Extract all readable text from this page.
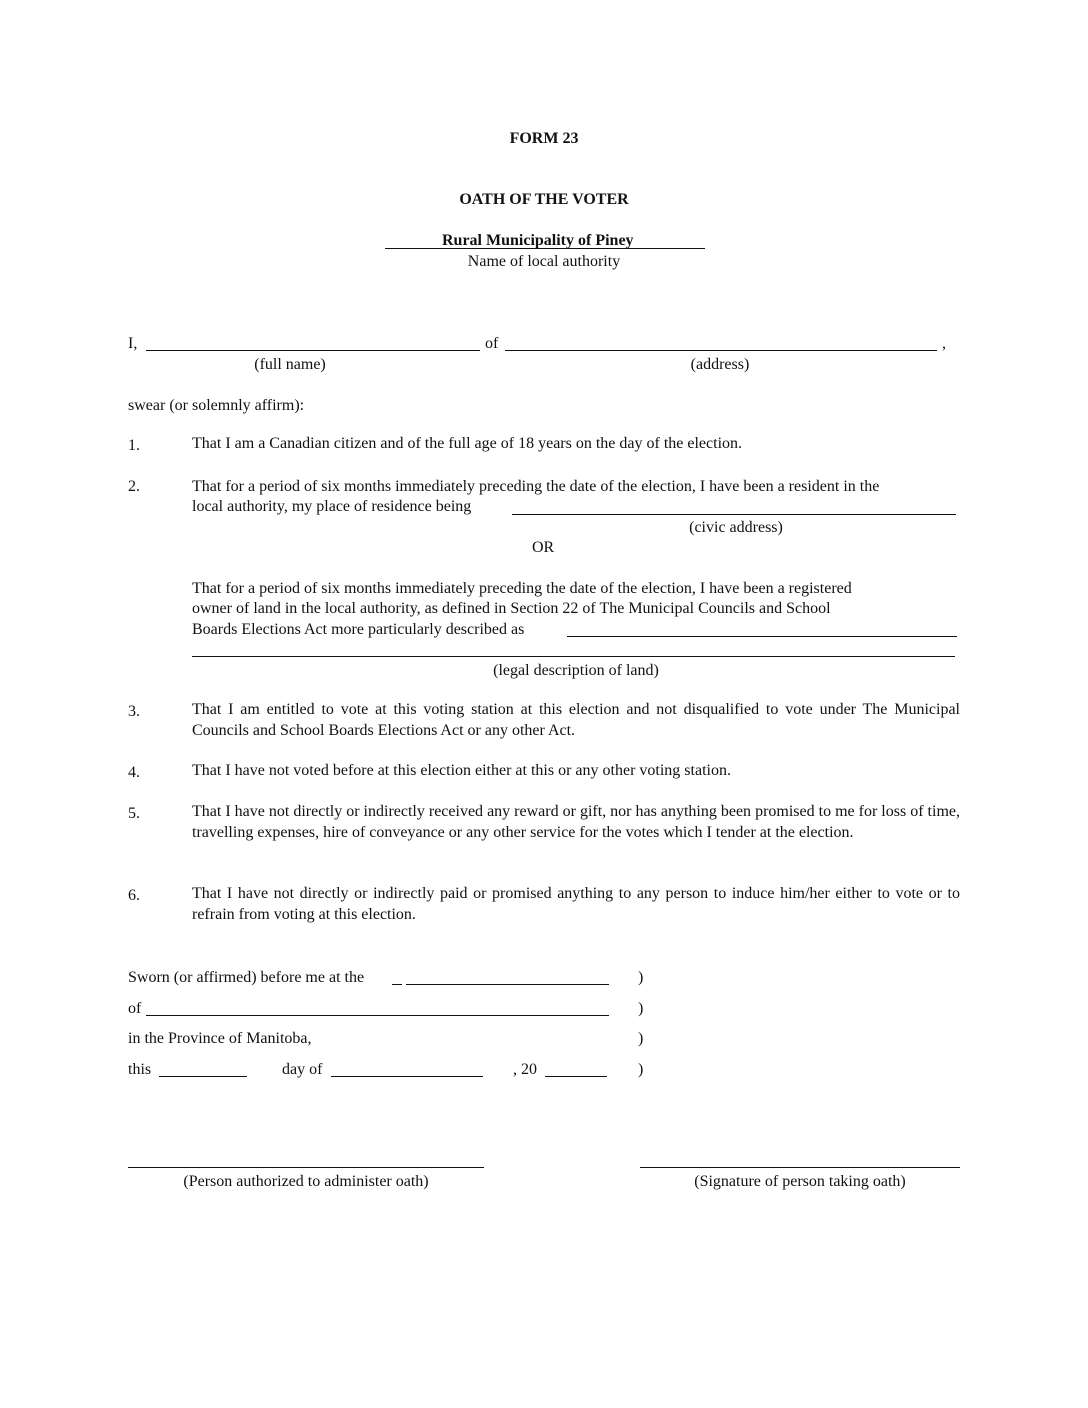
FORM 23
OATH OF THE VOTER
Rural Municipality of Piney
Name of local authority
I,	of	,
(full name)	(address)
swear (or solemnly affirm):
1.	That I am a Canadian citizen and of the full age of 18 years on the day of the election.
2.	That for a period of six months immediately preceding the date of the election, I have been a resident in the
local authority, my place of residence being
(civic address)
OR
That for a period of six months immediately preceding the date of the election, I have been a registered
owner of land in the local authority, as defined in Section 22 of The Municipal Councils and School
Boards Elections Act more particularly described as
(legal description of land)
3.	That I am entitled to vote at this voting station at this election and not disqualified to vote under The Municipal Councils and School Boards Elections Act or any other Act.
4.	That I have not voted before at this election either at this or any other voting station.
5.	That I have not directly or indirectly received any reward or gift, nor has anything been promised to me for loss of time, travelling expenses, hire of conveyance or any other service for the votes which I tender at the election.
6.	That I have not directly or indirectly paid or promised anything to any person to induce him/her either to vote or to refrain from voting at this election.
Sworn (or affirmed) before me at the	)
of	)
in the Province of Manitoba,	)
this	day of	, 20	)
(Person authorized to administer oath)	(Signature of person taking oath)
